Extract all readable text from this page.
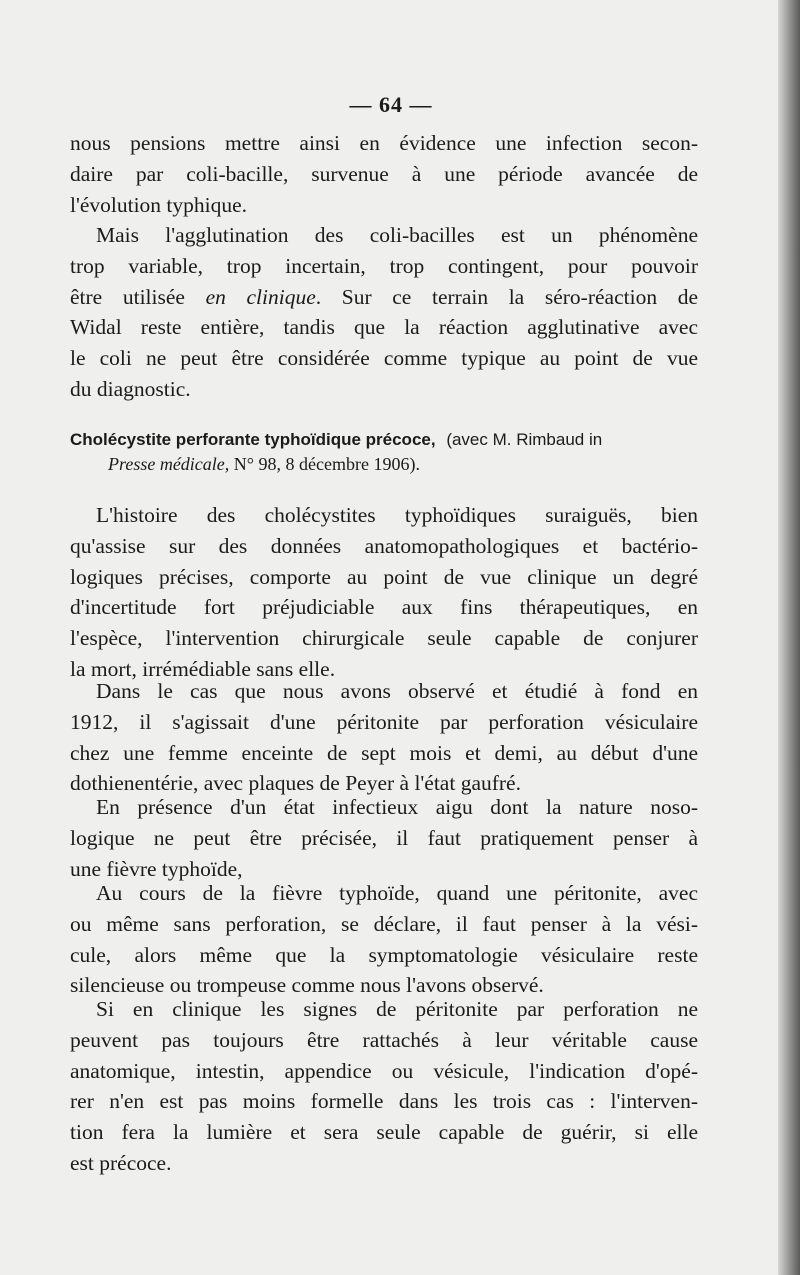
— 64 —
nous pensions mettre ainsi en évidence une infection secon-
daire par coli-bacille, survenue à une période avancée de
l'évolution typhique.
Mais l'agglutination des coli-bacilles est un phénomène
trop variable, trop incertain, trop contingent, pour pouvoir
être utilisée en clinique. Sur ce terrain la séro-réaction de
Widal reste entière, tandis que la réaction agglutinative avec
le coli ne peut être considérée comme typique au point de vue
du diagnostic.
Cholécystite perforante typhoïdique précoce, (avec M. Rimbaud in
Presse médicale, N° 98, 8 décembre 1906).
L'histoire des cholécystites typhoïdiques suraiguës, bien
qu'assise sur des données anatomopathologiques et bactério-
logiques précises, comporte au point de vue clinique un degré
d'incertitude fort préjudiciable aux fins thérapeutiques, en
l'espèce, l'intervention chirurgicale seule capable de conjurer
la mort, irrémédiable sans elle.
Dans le cas que nous avons observé et étudié à fond en
1912, il s'agissait d'une péritonite par perforation vésiculaire
chez une femme enceinte de sept mois et demi, au début d'une
dothienentérie, avec plaques de Peyer à l'état gaufré.
En présence d'un état infectieux aigu dont la nature noso-
logique ne peut être précisée, il faut pratiquement penser à
une fièvre typhoïde,
Au cours de la fièvre typhoïde, quand une péritonite, avec
ou même sans perforation, se déclare, il faut penser à la vési-
cule, alors même que la symptomatologie vésiculaire reste
silencieuse ou trompeuse comme nous l'avons observé.
Si en clinique les signes de péritonite par perforation ne
peuvent pas toujours être rattachés à leur véritable cause
anatomique, intestin, appendice ou vésicule, l'indication d'opé-
rer n'en est pas moins formelle dans les trois cas : l'interven-
tion fera la lumière et sera seule capable de guérir, si elle
est précoce.
